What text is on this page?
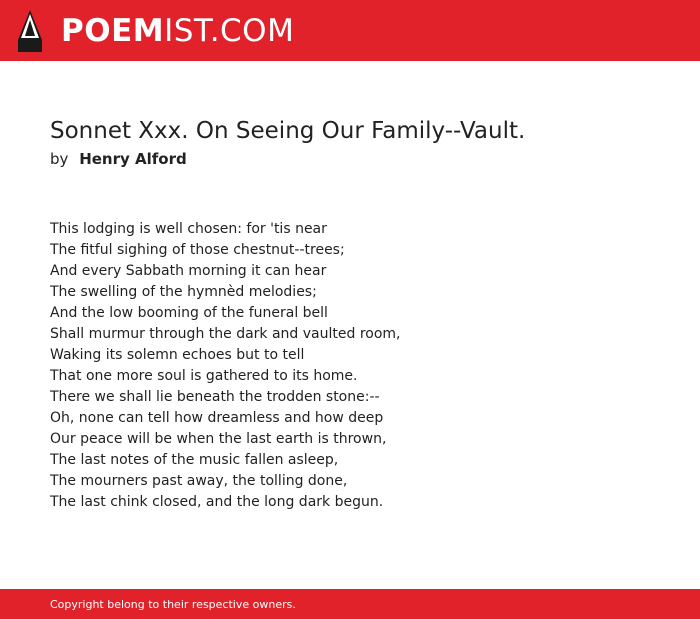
POEMIST.COM
Sonnet Xxx. On Seeing Our Family--Vault.
by Henry Alford
This lodging is well chosen: for 'tis near
The fitful sighing of those chestnut--trees;
And every Sabbath morning it can hear
The swelling of the hymnèd melodies;
And the low booming of the funeral bell
Shall murmur through the dark and vaulted room,
Waking its solemn echoes but to tell
That one more soul is gathered to its home.
There we shall lie beneath the trodden stone:--
Oh, none can tell how dreamless and how deep
Our peace will be when the last earth is thrown,
The last notes of the music fallen asleep,
The mourners past away, the tolling done,
The last chink closed, and the long dark begun.
Copyright belong to their respective owners.
